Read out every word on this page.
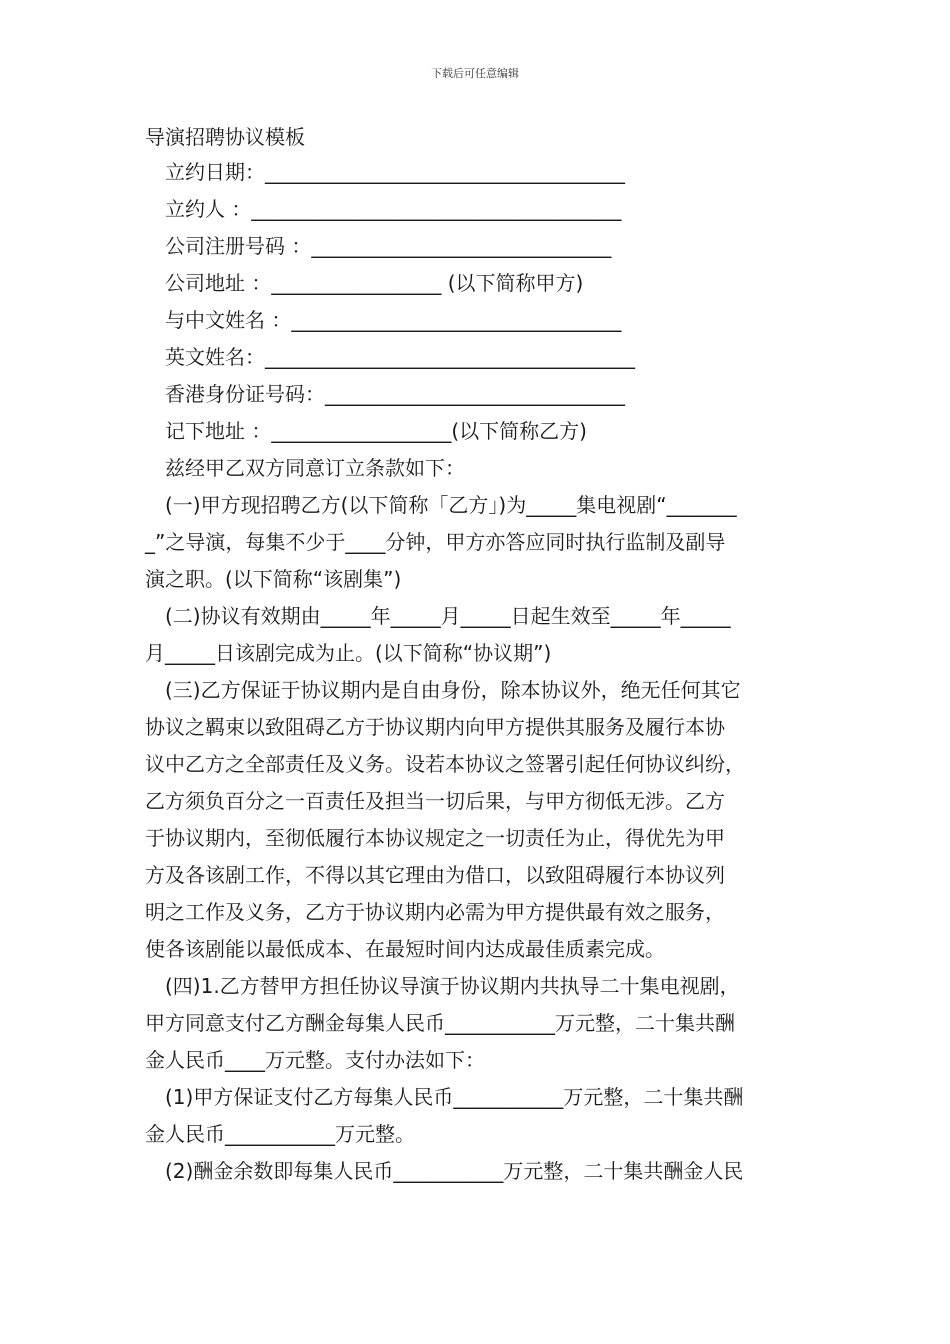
下载后可任意编辑
导演招聘协议模板
立约日期：____________________________________
立约人 ：_____________________________________
公司注册号码 ：______________________________
公司地址 ：_________________ (以下简称甲方)
与中文姓名 ：_________________________________
英文姓名：_____________________________________
香港身份证号码：______________________________
记下地址 ：__________________(以下简称乙方)
兹经甲乙双方同意订立条款如下：

(一)甲方现招聘乙方(以下简称「乙方」)为_____集电视剧“_______
_”之导演，每集不少于____分钟，甲方亦答应同时执行监制及副导
演之职。(以下简称“该剧集”)

(二)协议有效期由_____年_____月_____日起生效至_____年_____
月_____日该剧完成为止。(以下简称“协议期”)

(三)乙方保证于协议期内是自由身份，除本协议外，绝无任何其它
协议之羁束以致阻碍乙方于协议期内向甲方提供其服务及履行本协
议中乙方之全部责任及义务。设若本协议之签署引起任何协议纠纷，
乙方须负百分之一百责任及担当一切后果，与甲方彻低无涉。乙方
于协议期内，至彻低履行本协议规定之一切责任为止，得优先为甲
方及各该剧工作，不得以其它理由为借口，以致阻碍履行本协议列
明之工作及义务，乙方于协议期内必需为甲方提供最有效之服务，
使各该剧能以最低成本、在最短时间内达成最佳质素完成。

(四)1.乙方替甲方担任协议导演于协议期内共执导二十集电视剧，
甲方同意支付乙方酬金每集人民币___________万元整，二十集共酬
金人民币____万元整。支付办法如下：

(1)甲方保证支付乙方每集人民币___________万元整，二十集共酬
金人民币___________万元整。

(2)酬金余数即每集人民币___________万元整，二十集共酬金人民
